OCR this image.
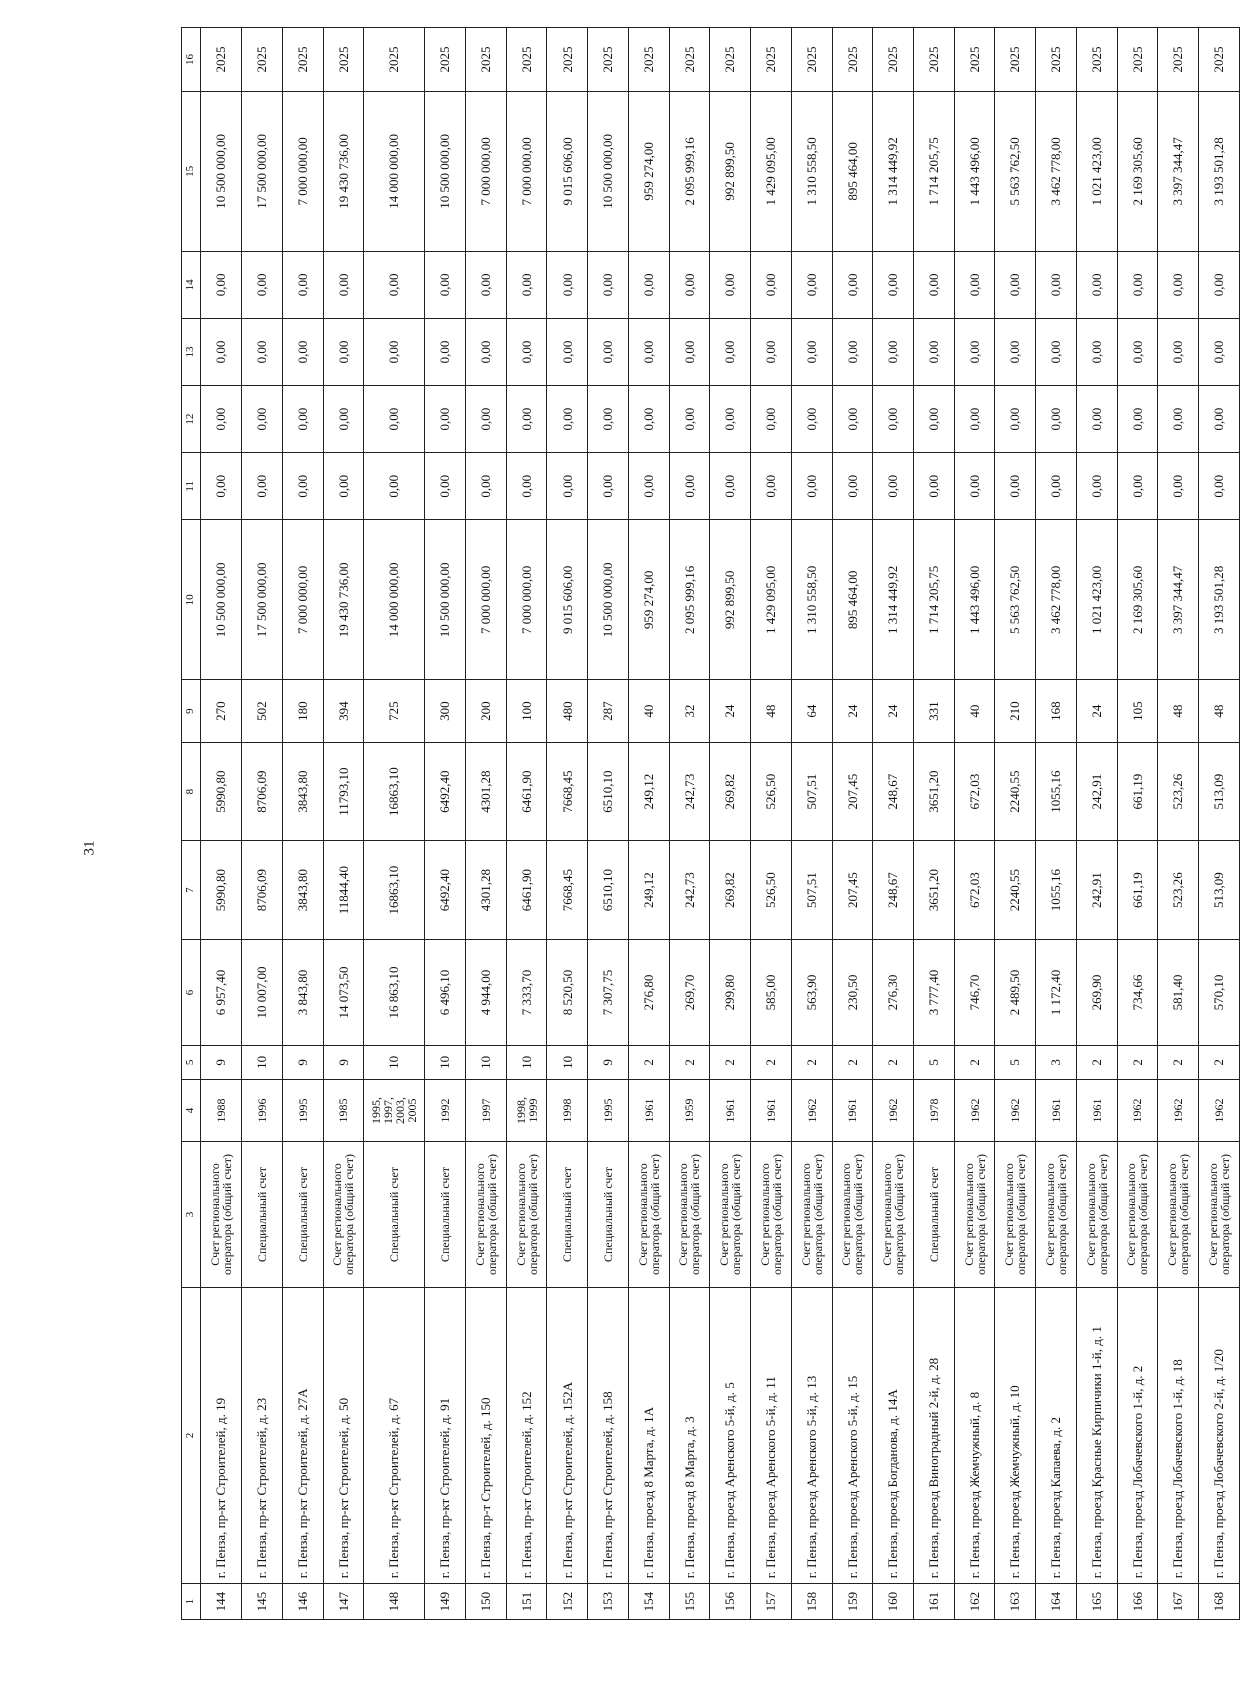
31
1	2	3	4	5	6	7	8	9	10	11	12	13	14	15	16
144	г. Пенза, пр-кт Строителей, д. 19	Счет регионального оператора (общий счет)	1988	9	6 957,40	5990,80	5990,80	270	10 500 000,00	0,00	0,00	0,00	0,00	10 500 000,00	2025
145	г. Пенза, пр-кт Строителей, д. 23	Специальный счет	1996	10	10 007,00	8706,09	8706,09	502	17 500 000,00	0,00	0,00	0,00	0,00	17 500 000,00	2025
146	г. Пенза, пр-кт Строителей, д. 27А	Специальный счет	1995	9	3 843,80	3843,80	3843,80	180	7 000 000,00	0,00	0,00	0,00	0,00	7 000 000,00	2025
147	г. Пенза, пр-кт Строителей, д. 50	Счет регионального оператора (общий счет)	1985	9	14 073,50	11844,40	11793,10	394	19 430 736,00	0,00	0,00	0,00	0,00	19 430 736,00	2025
148	г. Пенза, пр-кт Строителей, д. 67	Специальный счет	1995, 1997, 2003, 2005	10	16 863,10	16863,10	16863,10	725	14 000 000,00	0,00	0,00	0,00	0,00	14 000 000,00	2025
149	г. Пенза, пр-кт Строителей, д. 91	Специальный счет	1992	10	6 496,10	6492,40	6492,40	300	10 500 000,00	0,00	0,00	0,00	0,00	10 500 000,00	2025
150	г. Пенза, пр-т Строителей, д. 150	Счет регионального оператора (общий счет)	1997	10	4 944,00	4301,28	4301,28	200	7 000 000,00	0,00	0,00	0,00	0,00	7 000 000,00	2025
151	г. Пенза, пр-кт Строителей, д. 152	Счет регионального оператора (общий счет)	1998, 1999	10	7 333,70	6461,90	6461,90	100	7 000 000,00	0,00	0,00	0,00	0,00	7 000 000,00	2025
152	г. Пенза, пр-кт Строителей, д. 152А	Специальный счет	1998	10	8 520,50	7668,45	7668,45	480	9 015 606,00	0,00	0,00	0,00	0,00	9 015 606,00	2025
153	г. Пенза, пр-кт Строителей, д. 158	Специальный счет	1995	9	7 307,75	6510,10	6510,10	287	10 500 000,00	0,00	0,00	0,00	0,00	10 500 000,00	2025
154	г. Пенза, проезд 8 Марта, д. 1А	Счет регионального оператора (общий счет)	1961	2	276,80	249,12	249,12	40	959 274,00	0,00	0,00	0,00	0,00	959 274,00	2025
155	г. Пенза, проезд 8 Марта, д. 3	Счет регионального оператора (общий счет)	1959	2	269,70	242,73	242,73	32	2 095 999,16	0,00	0,00	0,00	0,00	2 095 999,16	2025
156	г. Пенза, проезд Аренского 5-й, д. 5	Счет регионального оператора (общий счет)	1961	2	299,80	269,82	269,82	24	992 899,50	0,00	0,00	0,00	0,00	992 899,50	2025
157	г. Пенза, проезд Аренского 5-й, д. 11	Счет регионального оператора (общий счет)	1961	2	585,00	526,50	526,50	48	1 429 095,00	0,00	0,00	0,00	0,00	1 429 095,00	2025
158	г. Пенза, проезд Аренского 5-й, д. 13	Счет регионального оператора (общий счет)	1962	2	563,90	507,51	507,51	64	1 310 558,50	0,00	0,00	0,00	0,00	1 310 558,50	2025
159	г. Пенза, проезд Аренского 5-й, д. 15	Счет регионального оператора (общий счет)	1961	2	230,50	207,45	207,45	24	895 464,00	0,00	0,00	0,00	0,00	895 464,00	2025
160	г. Пенза, проезд Богданова, д. 14А	Счет регионального оператора (общий счет)	1962	2	276,30	248,67	248,67	24	1 314 449,92	0,00	0,00	0,00	0,00	1 314 449,92	2025
161	г. Пенза, проезд Виноградный 2-й, д. 28	Специальный счет	1978	5	3 777,40	3651,20	3651,20	331	1 714 205,75	0,00	0,00	0,00	0,00	1 714 205,75	2025
162	г. Пенза, проезд Жемчужный, д. 8	Счет регионального оператора (общий счет)	1962	2	746,70	672,03	672,03	40	1 443 496,00	0,00	0,00	0,00	0,00	1 443 496,00	2025
163	г. Пенза, проезд Жемчужный, д. 10	Счет регионального оператора (общий счет)	1962	5	2 489,50	2240,55	2240,55	210	5 563 762,50	0,00	0,00	0,00	0,00	5 563 762,50	2025
164	г. Пенза, проезд Капаева, д. 2	Счет регионального оператора (общий счет)	1961	3	1 172,40	1055,16	1055,16	168	3 462 778,00	0,00	0,00	0,00	0,00	3 462 778,00	2025
165	г. Пенза, проезд Красные Кирпичики 1-й, д. 1	Счет регионального оператора (общий счет)	1961	2	269,90	242,91	242,91	24	1 021 423,00	0,00	0,00	0,00	0,00	1 021 423,00	2025
166	г. Пенза, проезд Лобачевского 1-й, д. 2	Счет регионального оператора (общий счет)	1962	2	734,66	661,19	661,19	105	2 169 305,60	0,00	0,00	0,00	0,00	2 169 305,60	2025
167	г. Пенза, проезд Лобачевского 1-й, д. 18	Счет регионального оператора (общий счет)	1962	2	581,40	523,26	523,26	48	3 397 344,47	0,00	0,00	0,00	0,00	3 397 344,47	2025
168	г. Пенза, проезд Лобачевского 2-й, д. 1/20	Счет регионального оператора (общий счет)	1962	2	570,10	513,09	513,09	48	3 193 501,28	0,00	0,00	0,00	0,00	3 193 501,28	2025
